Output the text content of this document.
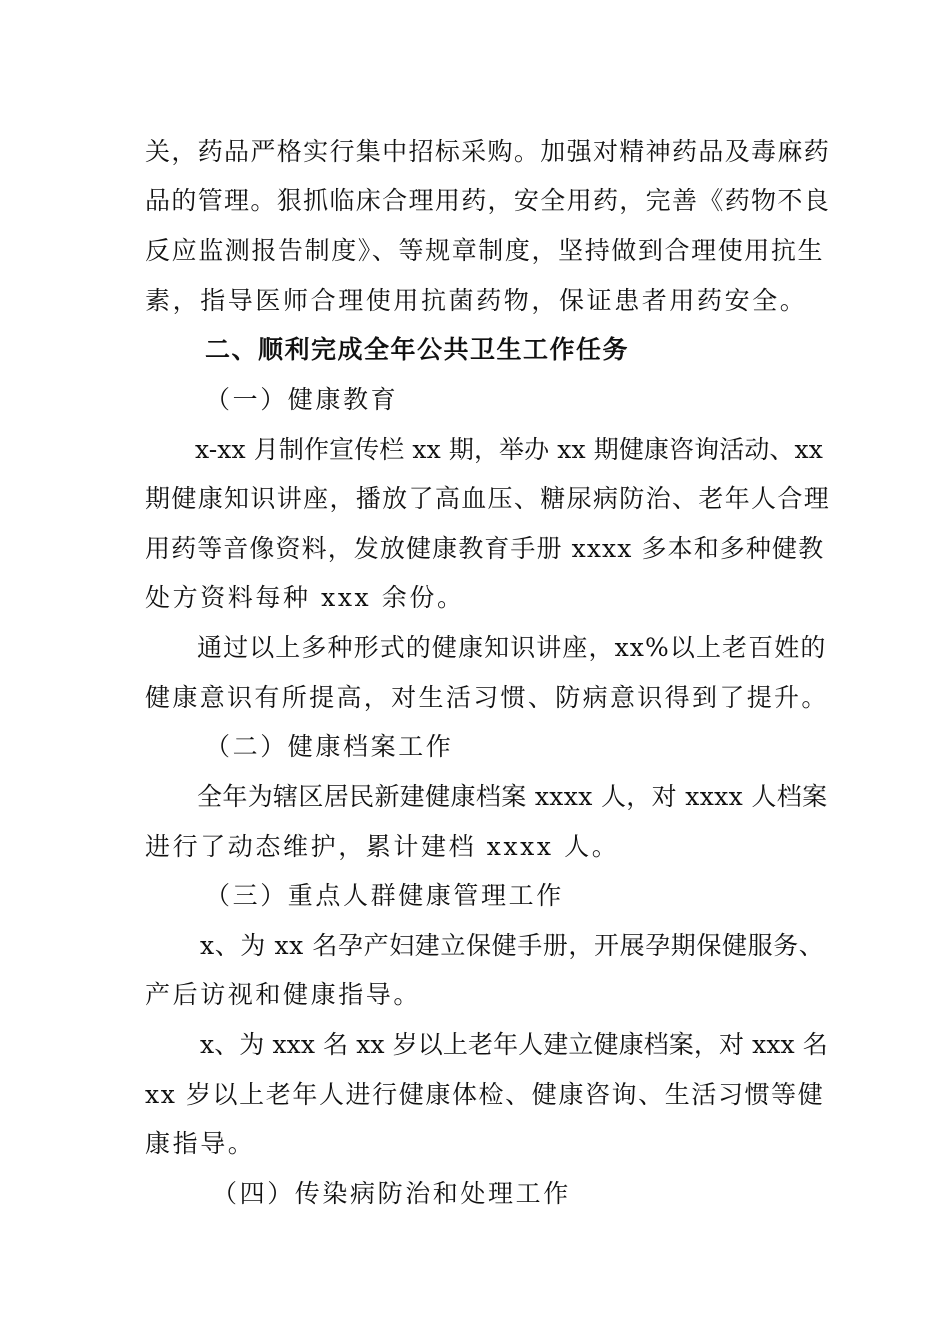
关，药品严格实行集中招标采购。加强对精神药品及毒麻药
品的管理。狠抓临床合理用药，安全用药，完善《药物不良
反应监测报告制度》、等规章制度，坚持做到合理使用抗生
素，指导医师合理使用抗菌药物，保证患者用药安全。
二、顺利完成全年公共卫生工作任务
（一）健康教育
x-xx 月制作宣传栏 xx 期，举办 xx 期健康咨询活动、xx
期健康知识讲座，播放了高血压、糖尿病防治、老年人合理
用药等音像资料，发放健康教育手册 xxxx 多本和多种健教
处方资料每种 xxx 余份。
通过以上多种形式的健康知识讲座，xx%以上老百姓的
健康意识有所提高，对生活习惯、防病意识得到了提升。
（二）健康档案工作
全年为辖区居民新建健康档案 xxxx 人，对 xxxx 人档案
进行了动态维护，累计建档 xxxx 人。
（三）重点人群健康管理工作
x、为 xx 名孕产妇建立保健手册，开展孕期保健服务、
产后访视和健康指导。
x、为 xxx 名 xx 岁以上老年人建立健康档案，对 xxx 名
xx 岁以上老年人进行健康体检、健康咨询、生活习惯等健
康指导。
（四）传染病防治和处理工作
